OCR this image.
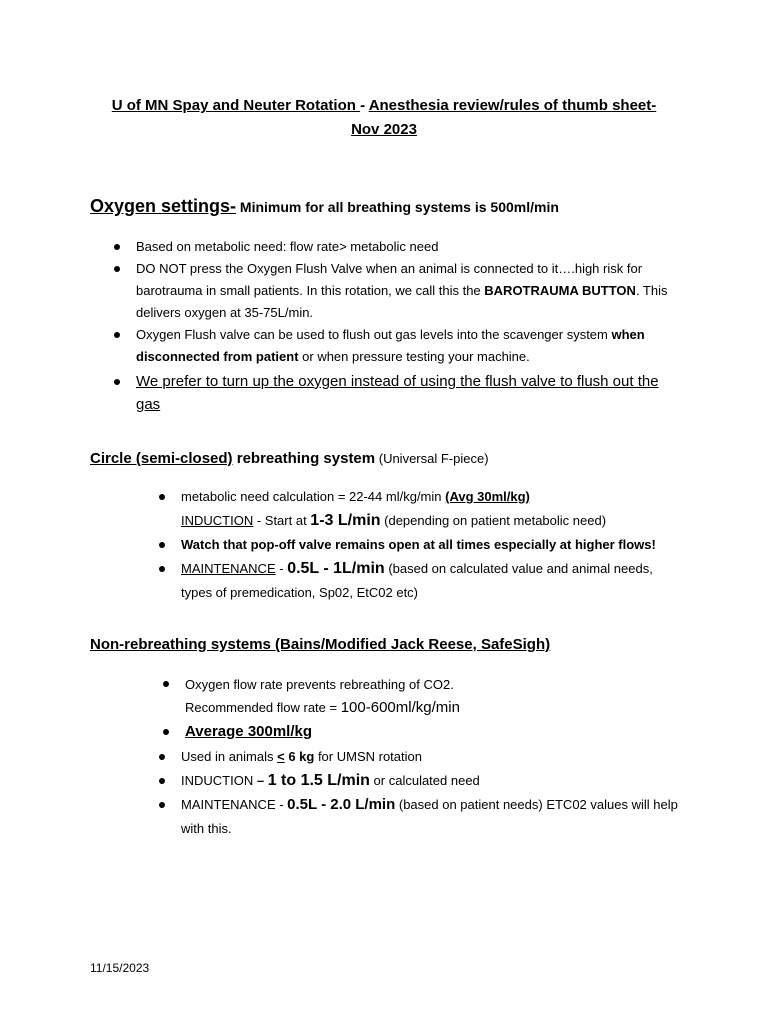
U of MN Spay and Neuter Rotation - Anesthesia review/rules of thumb sheet-
Nov 2023
Oxygen settings- Minimum for all breathing systems is 500ml/min
Based on metabolic need: flow rate> metabolic need
DO NOT press the Oxygen Flush Valve when an animal is connected to it….high risk for barotrauma in small patients. In this rotation, we call this the BAROTRAUMA BUTTON. This delivers oxygen at 35-75L/min.
Oxygen Flush valve can be used to flush out gas levels into the scavenger system when disconnected from patient or when pressure testing your machine.
We prefer to turn up the oxygen instead of using the flush valve to flush out the gas
Circle (semi-closed) rebreathing system (Universal F-piece)
metabolic need calculation = 22-44 ml/kg/min (Avg 30ml/kg)
INDUCTION - Start at 1-3 L/min (depending on patient metabolic need)
Watch that pop-off valve remains open at all times especially at higher flows!
MAINTENANCE - 0.5L - 1L/min (based on calculated value and animal needs, types of premedication, Sp02, EtC02 etc)
Non-rebreathing systems (Bains/Modified Jack Reese, SafeSigh)
Oxygen flow rate prevents rebreathing of CO2.
Recommended flow rate = 100-600ml/kg/min
Average 300ml/kg
Used in animals < 6 kg for UMSN rotation
INDUCTION – 1 to 1.5 L/min or calculated need
MAINTENANCE - 0.5L - 2.0 L/min (based on patient needs) ETC02 values will help with this.
11/15/2023
